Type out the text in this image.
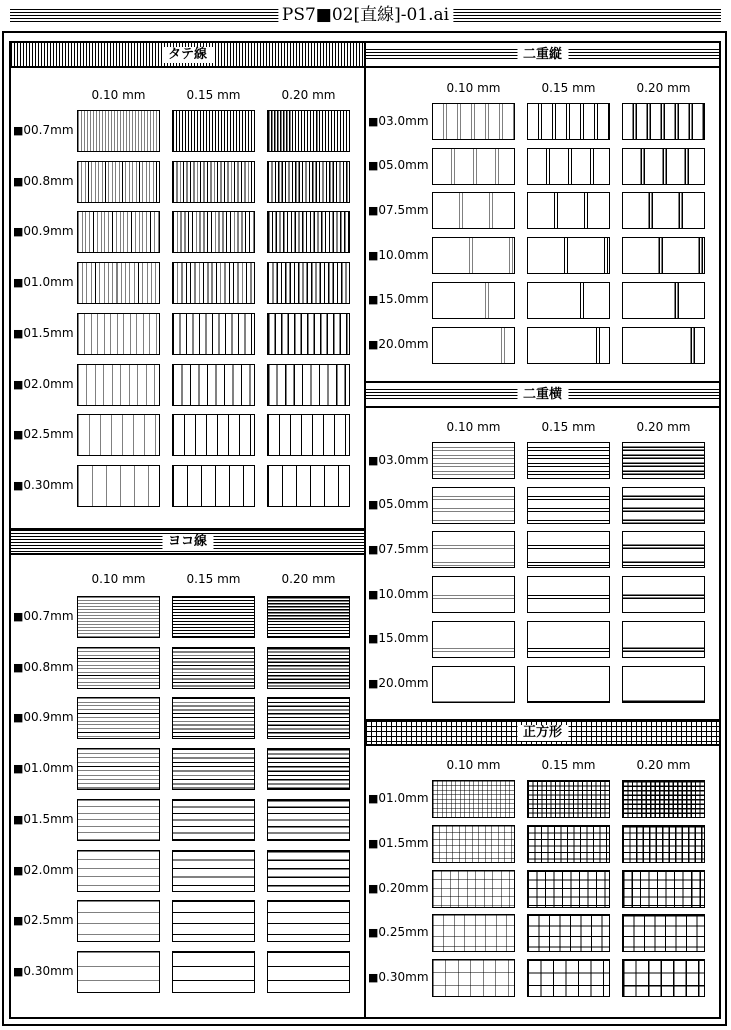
PS7■02[直線]-01.ai
タテ線
ヨコ線
二重縦
二重横
正方形
0.10 mm	0.15 mm	0.20 mm
■00.7mm
■00.8mm
■00.9mm
■01.0mm
■01.5mm
■02.0mm
■02.5mm
■0.30mm
0.10 mm	0.15 mm	0.20 mm
■00.7mm
■00.8mm
■00.9mm
■01.0mm
■01.5mm
■02.0mm
■02.5mm
■0.30mm
0.10 mm	0.15 mm	0.20 mm
■03.0mm
■05.0mm
■07.5mm
■10.0mm
■15.0mm
■20.0mm
0.10 mm	0.15 mm	0.20 mm
■03.0mm
■05.0mm
■07.5mm
■10.0mm
■15.0mm
■20.0mm
0.10 mm	0.15 mm	0.20 mm
■01.0mm
■01.5mm
■0.20mm
■0.25mm
■0.30mm
